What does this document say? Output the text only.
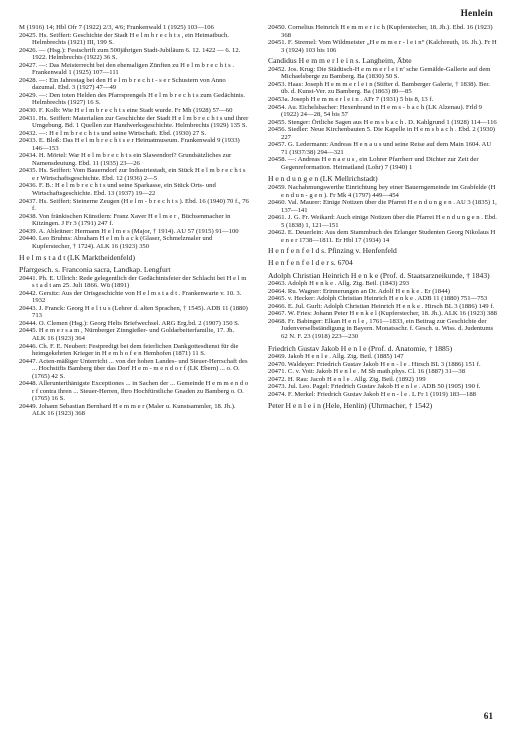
Henlein

M (1916) 14; Hbl Ofr 7 (1922) 2/3, 4/6; Frankenwald 1 (1925) 103—106

20425. Hs. Seiffert: Geschichte der Stadt H e l m b r e c h t s , ein Heimatbuch. Helmbrechts (1921) III, 199 S.

20426. — (Hsg.): Festschrift zum 500jährigen Stadt-Jubiläum 6. 12. 1422 — 6. 12. 1922. Helmbrechts (1922) 36 S.

20427. —: Das Meisterrecht bei den ehemaligen Zünften zu H e l m b r e c h t s . Frankenwald 1 (1925) 107—111

20428. —: Ein Jahrestag bei den H e l m b r e c h t - s e r Schustern von Anno dazumal. Ebd. 3 (1927) 47—49

20429. —: Den toten Helden des Pfarrsprengels H e l m b r e c h t s zum Gedächtnis. Helmbrechts (1927) 16 S.

20430. F. Kolb: Wie H e l m b r e c h t s eine Stadt wurde. Fr Mh (1928) 57—60

20431. Hs. Seiffert: Materialien zur Geschichte der Stadt H e l m b r e c h t s und ihrer Umgebung. Bd. 1 Quellen zur Handwerksgeschichte. Helmbrechts (1929) 135 S.

20432. —: H e l m b r e c h t s und seine Wirtschaft. Ebd. (1930) 27 S.

20433. E. Bloß: Das H e l m b r e c h t s e r Heimatmuseum. Frankenwald 9 (1933) 146—153

20434. H. Mörtel: War H e l m b r e c h t s ein Slawendorf? Grundsätzliches zur Namensdeutung. Ebd. 11 (1935) 23—26

20435. Hs. Seiffert: Vom Bauerndorf zur Industriestadt, ein Stück H e l m b r e c h t s e r Wirtschaftsgeschichte. Ebd. 12 (1936) 2—5

20436. F. B.: H e l m b r e c h t s und seine Sparkasse, ein Stück Orts- und Wirtschaftsgeschichte. Ebd. 13 (1937) 19—22

20437. Hs. Seiffert: Steinerne Zeugen (H e l m - b r e c h t s ). Ebd. 16 (1940) 70 f., 76 f.

20438. Von fränkischen Künstlern: Franz Xaver H e l m e r , Büchsenmacher in Kitzingen. J Fr 3 (1791) 247 f.

20439. A. Ableitner: Hermann H e l m e s (Major, † 1914). AU 57 (1915) 91—100

20440. Leo Bruhns: Abraham H e l m h a c k (Glaser, Schmelzmaler und Kupferstecher, † 1724). ALK 16 (1923) 350

H e l m s t a d t (LK Marktheidenfeld)

Pfarrgesch. s. Franconia sacra, Landkap. Lengfurt

20441. Ph. E. Ullrich: Rede gelegentlich der Gedächtnisfeier der Schlacht bei H e l m s t a d t am 25. Juli 1866. Wü (1891)

20442. Gersitz: Aus der Ortsgeschichte von H e l m s t a d t . Frankenwarte v. 10. 3. 1932

20443. J. Franck: Georg H e l t u s (Lehrer d. alten Sprachen, † 1545). ADB 11 (1880) 713

20444. O. Clemen (Hsg.): Georg Helts Briefwechsel. ARG Erg.bd. 2 (1907) 150 S.

20445. H e m e r s a m , Nürnberger Zinngießer- und Goldarbeiterfamilie, 17. Jh. ALK 16 (1923) 364

20446. Ch. F. E. Neubert: Festpredigt bei dem feierlichen Dankgottesdienst für die heimgekehrten Krieger in H e m h o f e n Hemhofen (1871) 11 S.

20447. Acten-mäßiger Unterricht ... von der hohen Landes- und Steuer-Herrschaft des ... Hochstifts Bamberg über das Dorf H e m - m e n d o r f (LK Ebern) ... o. O. (1765) 42 S.

20448. Allerunterthänigste Exceptiones ... in Sachen der ... Gemeinde H e m m e n d o r f contra ihren ... Steuer-Herren, Ihro Hochfürstliche Gnaden zu Bamberg o. O. (1765) 16 S.

20449. Johann Sebastian Bernhard H e m m e r (Maler u. Kunstsammler, 18. Jh.). ALK 16 (1923) 368

20450. Cornelius Heinrich H e m m e r i c h (Kupferstecher, 18. Jh.). Ebd. 16 (1923) 368

20451. F. Stremel: Vom Wildmeister „H e m m e r - l e i n“ (Kalchreuth, 16. Jh.). Fr H 3 (1924) 103 bis 106

Candidus H e m m e r l e i n s. Langheim, Äbte

20452. Jos. Krug: Die Städtisch-H e m m e r l e i n’ sche Gemälde-Gallerie auf dem Michaelsberge zu Bamberg. Ba (1830) 50 S.

20453. Haas: Joseph H e m m e r l e i n (Stifter d. Bamberger Galerie, † 1838). Ber. üb. d. Kunst-Ver. zu Bamberg. Ba (1863) 80—85

20453a. Joseph H e m m e r l e i n . AFr 7 (1931) 5 bis 8, 13 f.

20454. Au. Eichelsbacher: Hexenbrand in H e m s - b a c h (LK Alzenau). Frld 9 (1922) 24—28, 54 bis 57

20455. Stenger: Örtliche Sagen aus H e m s b a c h . D. Kahlgrund 1 (1928) 114—116

20456. Siedler: Neue Kirchenbauten 5. Die Kapelle in H e m s b a c h . Ebd. 2 (1930) 227

20457. G. Ledermann: Andreas H e n a u s und seine Reise auf dem Main 1604. AU 71 (1937/38) 294—321

20458. —: Andreas H e n a e u s , ein Lohrer Pfarrherr und Dichter zur Zeit der Gegenreformation. Heimatland (Lohr) 7 (1940) 1

H e n d u n g e n (LK Mellrichstadt)

20459. Nachahmungswerthe Einrichtung bey einer Bauerngemeinde im Grabfelde (H e n d u n - g e n ). Fr Mk 4 (1797) 449—454

20460. Val. Maurer: Einige Notizen über die Pfarrei H e n d u n g e n . AU 3 (1835) 1, 137—141

20461. J. G. Fr. Weikard: Auch einige Notizen über die Pfarrei H e n d u n g e n . Ebd. 5 (1838) 1, 121—151

20462. E. Deuerlein: Aus dem Stammbuch des Erlanger Studenten Georg Nikolaus H e n e r 1738—1811. Er Hbl 17 (1934) 14

H e n f e n f e l d s. Pfinzing v. Henfenfeld

H e n f e n f e l d e r s. 6704

Adolph Christian Heinrich H e n k e (Prof. d. Staatsarzneikunde, † 1843)

20463. Adolph H e n k e . Allg. Ztg. Beil. (1843) 293

20464. Ru. Wagner: Erinnerungen an Dr. Adolf H e n k e . Er (1844)

20465. v. Hecker: Adolph Christian Heinrich H e n k e . ADB 11 (1880) 751—753

20466. E. Jul. Gurlt: Adolph Christian Heinrich H e n k e . Hirsch BL 3 (1886) 149 f.

20467. W. Fries: Johann Peter H e n k e l (Kupferstecher, 18. Jh.). ALK 16 (1923) 388

20468. Fr. Babinger: Elkan H e n l e , 1761—1833, ein Beitrag zur Geschichte der Judenverselbständigung in Bayern. Monatsschr. f. Gesch. u. Wiss. d. Judentums 62 N. F. 23 (1918) 223—230

Friedrich Gustav Jakob H e n l e (Prof. d. Anatomie, † 1885)

20469. Jakob H e n l e . Allg. Ztg. Beil. (1885) 147

20470. Waldeyer: Friedrich Gustav Jakob H e n - l e . Hirsch BL 3 (1886) 151 f.

20471. C. v. Voit: Jakob H e n l e . M Sb math.phys. Cl. 16 (1887) 31—38

20472. H. Rau: Jacob H e n l e . Allg. Ztg. Beil. (1892) 199

20473. Jul. Leo. Pagel: Friedrich Gustav Jakob H e n l e . ADB 50 (1905) 190 f.

20474. F. Merkel: Friedrich Gustav Jakob H e n - l e . L Fr 1 (1919) 183—188

Peter H e n l e i n (Hele, Henlin) (Uhrmacher, † 1542)

61
